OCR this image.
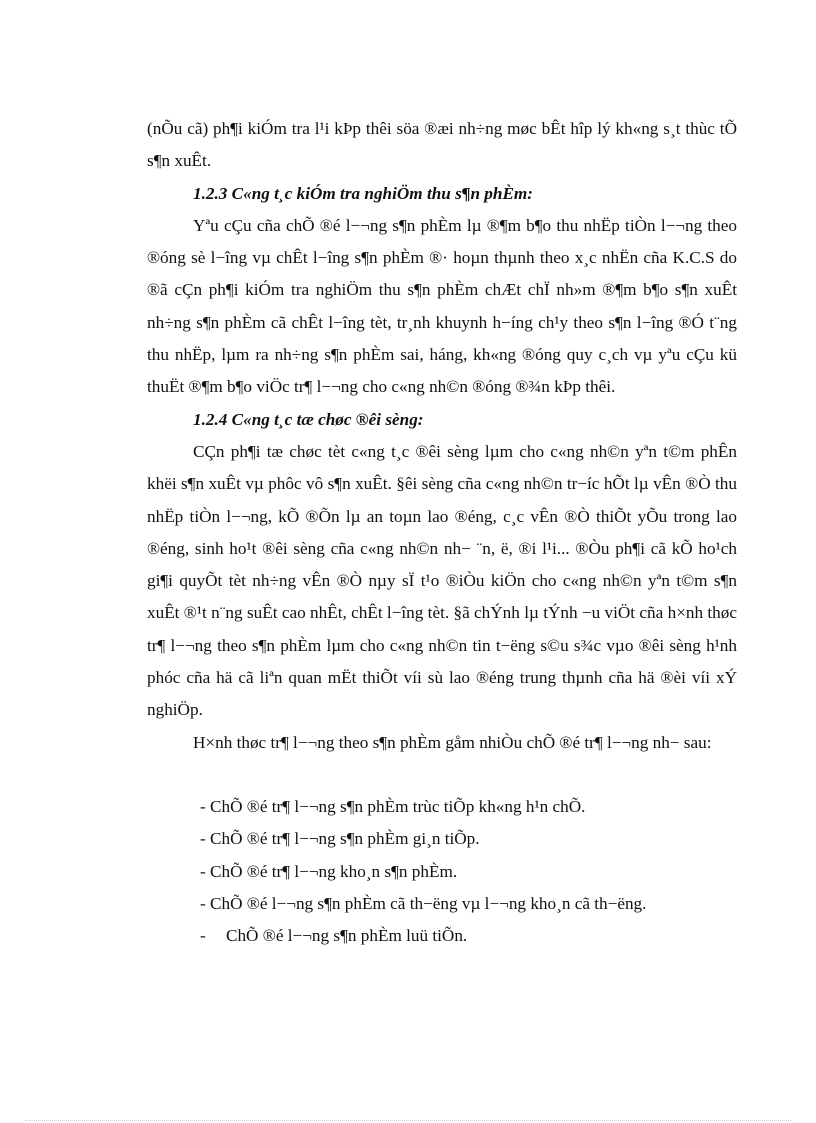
(nÕu cã) ph¶i kiÓm tra l¹i kÞp thêi söa ®æi nh÷ng møc bÊt hîp lý kh«ng s¸t thùc tÕ s¶n xuÊt.

1.2.3 C«ng t¸c kiÓm tra nghiÖm thu s¶n phÈm:

Yªu cÇu cña chÕ ®é l−¬ng s¶n phÈm lµ ®¶m b¶o thu nhËp tiÒn l−¬ng theo ®óng sè l−îng vµ chÊt l−îng s¶n phÈm ®· hoµn thµnh theo x¸c nhËn cña K.C.S do ®ã cÇn ph¶i kiÓm tra nghiÖm thu s¶n phÈm chÆt chÏ nh»m ®¶m b¶o s¶n xuÊt nh÷ng s¶n phÈm cã chÊt l−îng tèt, tr¸nh khuynh h−íng ch¹y theo s¶n l−îng ®Ó t¨ng thu nhËp, lµm ra nh÷ng s¶n phÈm sai, háng, kh«ng ®óng quy c¸ch vµ yªu cÇu kü thuËt ®¶m b¶o viÖc tr¶ l−¬ng cho c«ng nh©n ®óng ®¾n kÞp thêi.

1.2.4 C«ng t¸c tæ chøc ®êi sèng:

CÇn ph¶i tæ chøc tèt c«ng t¸c ®êi sèng lµm cho c«ng nh©n yªn t©m phÊn khëi s¶n xuÊt vµ phôc vô s¶n xuÊt. §êi sèng cña c«ng nh©n tr−íc hÕt lµ vÊn ®Ò thu nhËp tiÒn l−¬ng, kÕ ®Õn lµ an toµn lao ®éng, c¸c vÊn ®Ò thiÕt yÕu trong lao ®éng, sinh ho¹t ®êi sèng cña c«ng nh©n nh− ¨n, ë, ®i l¹i... ®Òu ph¶i cã kÕ ho¹ch gi¶i quyÕt tèt nh÷ng vÊn ®Ò nµy sÏ t¹o ®iÒu kiÖn cho c«ng nh©n yªn t©m s¶n xuÊt ®¹t n¨ng suÊt cao nhÊt, chÊt l−îng tèt. §ã chÝnh lµ tÝnh −u viÖt cña h×nh thøc tr¶ l−¬ng theo s¶n phÈm lµm cho c«ng nh©n tin t−ëng s©u s¾c vµo ®êi sèng h¹nh phóc cña hä cã liªn quan mËt thiÕt víi sù lao ®éng trung thµnh cña hä ®èi víi xÝ nghiÖp.

H×nh thøc tr¶ l−¬ng theo s¶n phÈm gåm nhiÒu chÕ ®é tr¶ l−¬ng nh− sau:

- ChÕ ®é tr¶ l−¬ng s¶n phÈm trùc tiÕp kh«ng h¹n chÕ.
- ChÕ ®é tr¶ l−¬ng s¶n phÈm gi¸n tiÕp.
- ChÕ ®é tr¶ l−¬ng kho¸n s¶n phÈm.
- ChÕ ®é l−¬ng s¶n phÈm cã th−ëng vµ l−¬ng kho¸n cã th−ëng.
- ChÕ ®é l−¬ng s¶n phÈm luü tiÕn.
